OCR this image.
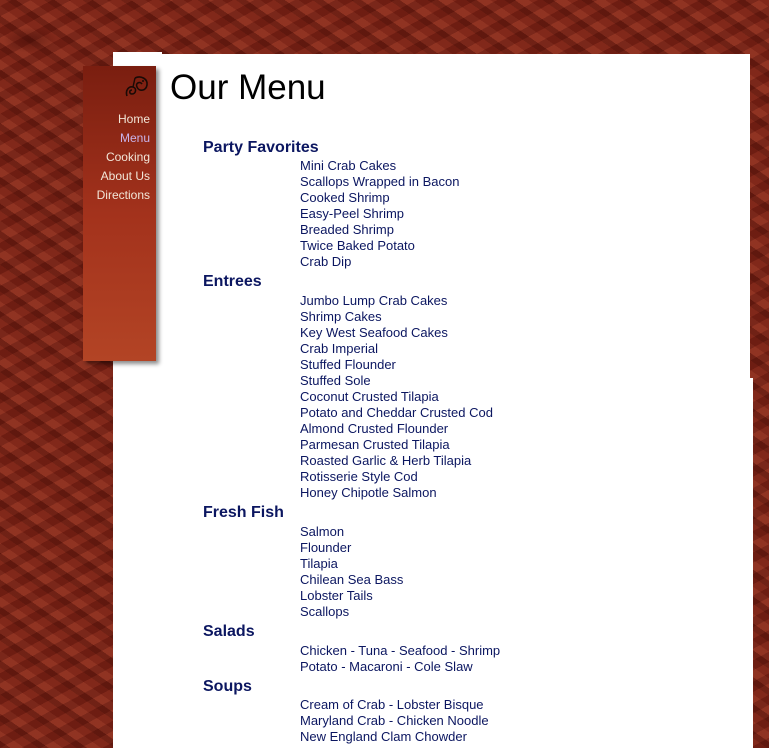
Home
Menu
Cooking
About Us
Directions
Our Menu
Party Favorites
Mini Crab Cakes
Scallops Wrapped in Bacon
Cooked Shrimp
Easy-Peel Shrimp
Breaded Shrimp
Twice Baked Potato
Crab Dip
Entrees
Jumbo Lump Crab Cakes
Shrimp Cakes
Key West Seafood Cakes
Crab Imperial
Stuffed Flounder
Stuffed Sole
Coconut Crusted Tilapia
Potato and Cheddar Crusted Cod
Almond Crusted Flounder
Parmesan Crusted Tilapia
Roasted Garlic & Herb Tilapia
Rotisserie Style Cod
Honey Chipotle Salmon
Fresh Fish
Salmon
Flounder
Tilapia
Chilean Sea Bass
Lobster Tails
Scallops
Salads
Chicken - Tuna - Seafood - Shrimp
Potato - Macaroni - Cole Slaw
Soups
Cream of Crab - Lobster Bisque
Maryland Crab - Chicken Noodle
New England Clam Chowder
